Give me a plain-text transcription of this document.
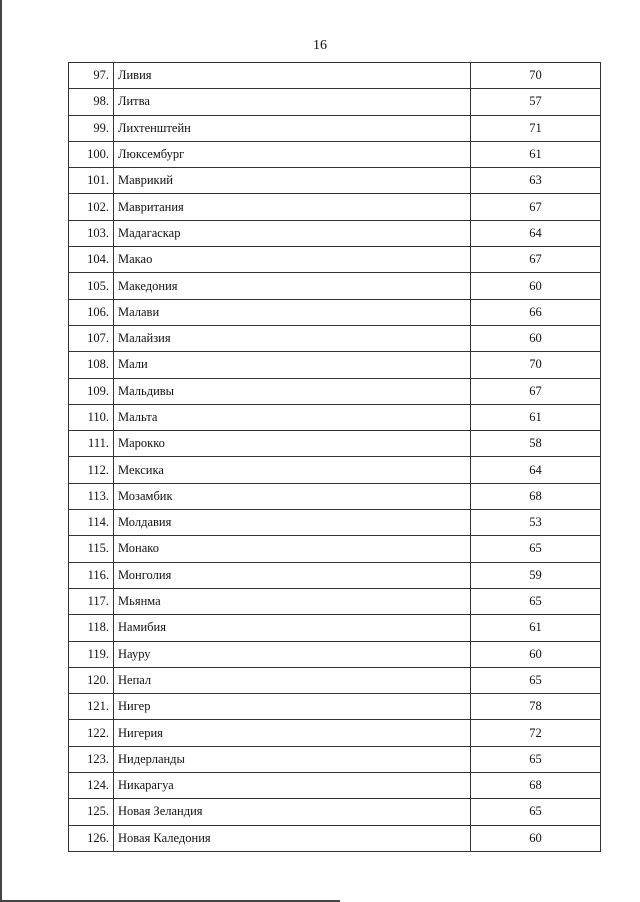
16
97.	Ливия	70
98.	Литва	57
99.	Лихтенштейн	71
100.	Люксембург	61
101.	Маврикий	63
102.	Мавритания	67
103.	Мадагаскар	64
104.	Макао	67
105.	Македония	60
106.	Малави	66
107.	Малайзия	60
108.	Мали	70
109.	Мальдивы	67
110.	Мальта	61
111.	Марокко	58
112.	Мексика	64
113.	Мозамбик	68
114.	Молдавия	53
115.	Монако	65
116.	Монголия	59
117.	Мьянма	65
118.	Намибия	61
119.	Науру	60
120.	Непал	65
121.	Нигер	78
122.	Нигерия	72
123.	Нидерланды	65
124.	Никарагуа	68
125.	Новая Зеландия	65
126.	Новая Каледония	60
